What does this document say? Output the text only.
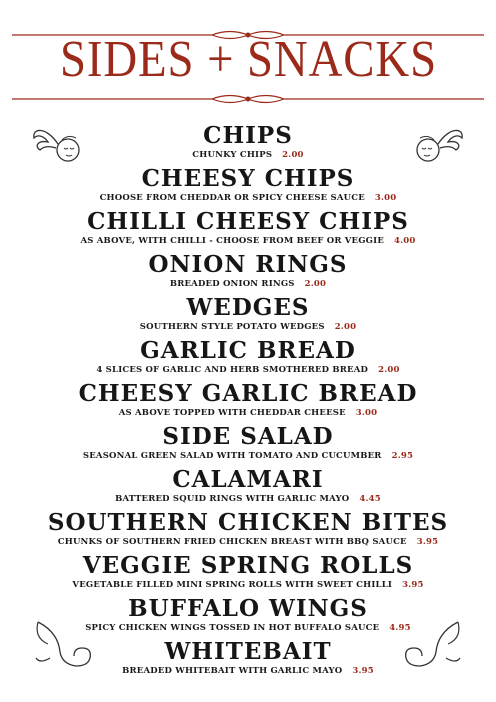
SIDES + SNACKS
CHIPS
CHUNKY CHIPS 2.00
CHEESY CHIPS
CHOOSE FROM CHEDDAR OR SPICY CHEESE SAUCE 3.00
CHILLI CHEESY CHIPS
AS ABOVE, WITH CHILLI - CHOOSE FROM BEEF OR VEGGIE 4.00
ONION RINGS
BREADED ONION RINGS 2.00
WEDGES
SOUTHERN STYLE POTATO WEDGES 2.00
GARLIC BREAD
4 SLICES OF GARLIC AND HERB SMOTHERED BREAD 2.00
CHEESY GARLIC BREAD
AS ABOVE TOPPED WITH CHEDDAR CHEESE 3.00
SIDE SALAD
SEASONAL GREEN SALAD WITH TOMATO AND CUCUMBER 2.95
CALAMARI
BATTERED SQUID RINGS WITH GARLIC MAYO 4.45
SOUTHERN CHICKEN BITES
CHUNKS OF SOUTHERN FRIED CHICKEN BREAST WITH BBQ SAUCE 3.95
VEGGIE SPRING ROLLS
VEGETABLE FILLED MINI SPRING ROLLS WITH SWEET CHILLI 3.95
BUFFALO WINGS
SPICY CHICKEN WINGS TOSSED IN HOT BUFFALO SAUCE 4.95
WHITEBAIT
BREADED WHITEBAIT WITH GARLIC MAYO 3.95
